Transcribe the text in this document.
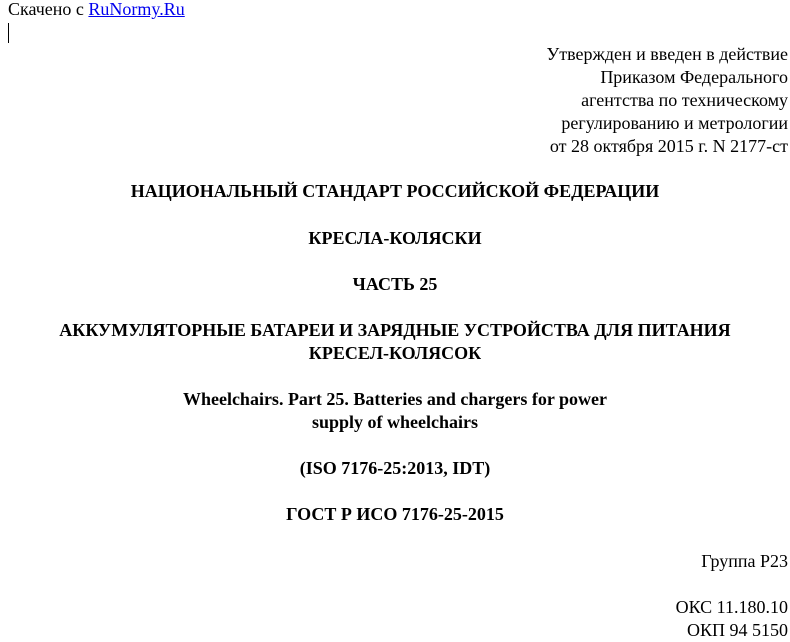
Скачено с RuNormy.Ru
Утвержден и введен в действие
Приказом Федерального
агентства по техническому
регулированию и метрологии
от 28 октября 2015 г. N 2177-ст
НАЦИОНАЛЬНЫЙ СТАНДАРТ РОССИЙСКОЙ ФЕДЕРАЦИИ
КРЕСЛА-КОЛЯСКИ
ЧАСТЬ 25
АККУМУЛЯТОРНЫЕ БАТАРЕИ И ЗАРЯДНЫЕ УСТРОЙСТВА ДЛЯ ПИТАНИЯ
КРЕСЕЛ-КОЛЯСОК
Wheelchairs. Part 25. Batteries and chargers for power
supply of wheelchairs
(ISO 7176-25:2013, IDT)
ГОСТ Р ИСО 7176-25-2015
Группа Р23
ОКС 11.180.10
ОКП 94 5150
